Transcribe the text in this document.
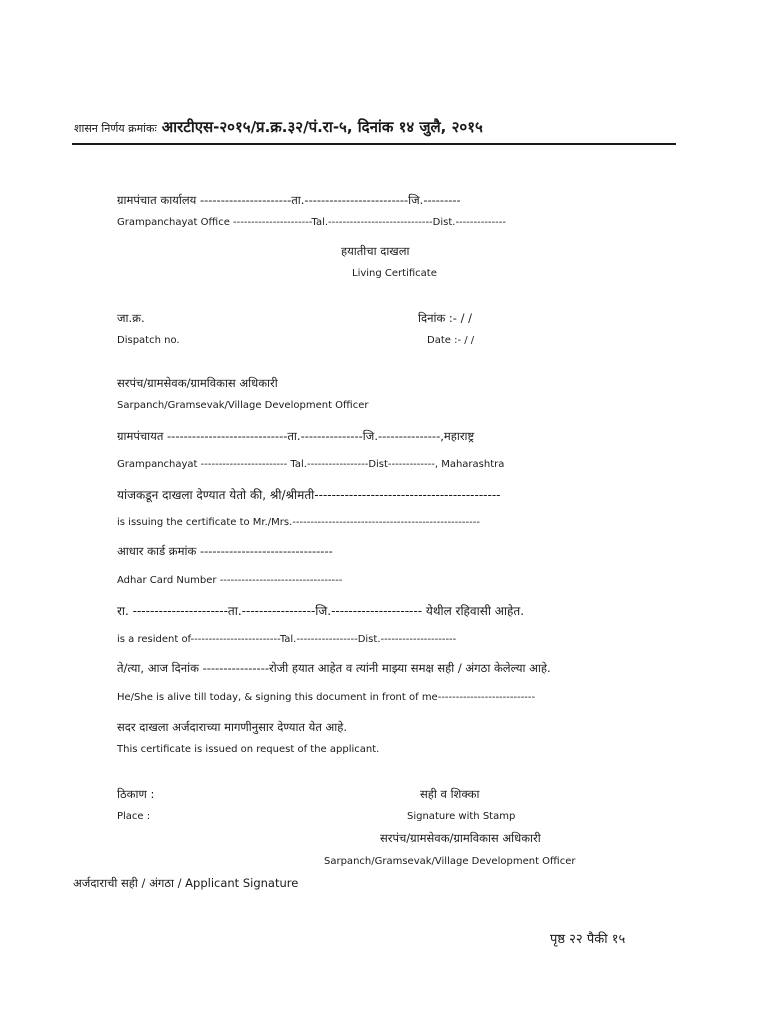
शासन निर्णय क्रमांकः आरटीएस-२०१५/प्र.क्र.३२/पं.रा-५, दिनांक १४ जुलै, २०१५
ग्रामपंचात कार्यालय ----------------------ता.-------------------------जि.---------
Grampanchayat Office ----------------------Tal.-----------------------------Dist.--------------
हयातीचा दाखला
Living Certificate
जा.क्र.	दिनांक :- / /
Dispatch no.	Date :- / /
सरपंच/ग्रामसेवक/ग्रामविकास अधिकारी
Sarpanch/Gramsevak/Village Development Officer
ग्रामपंचायत -----------------------------ता.---------------जि.---------------,महाराष्ट्र
Grampanchayat ------------------------ Tal.-----------------Dist-------------, Maharashtra
यांजकडून दाखला देण्यात येतो की, श्री/श्रीमती-------------------------------------------
is issuing the certificate to Mr./Mrs.----------------------------------------------------
आधार कार्ड क्रमांक --------------------------------
Adhar Card Number ----------------------------------
रा. ----------------------ता.-----------------जि.--------------------- येथील रहिवासी आहेत.
is a resident of-------------------------Tal.-----------------Dist.---------------------
ते/त्या, आज दिनांक ----------------रोजी हयात आहेत व त्यांनी माझ्या समक्ष सही / अंगठा केलेल्या आहे.
He/She is alive till today, & signing this document in front of me---------------------------
सदर दाखला अर्जदाराच्या मागणीनुसार देण्यात येत आहे.
This certificate is issued on request of the applicant.
ठिकाण :	सही व शिक्का
Place :	Signature with Stamp
सरपंच/ग्रामसेवक/ग्रामविकास अधिकारी
Sarpanch/Gramsevak/Village Development Officer
अर्जदाराची सही / अंगठा / Applicant Signature
पृष्ठ २२ पैकी १५
